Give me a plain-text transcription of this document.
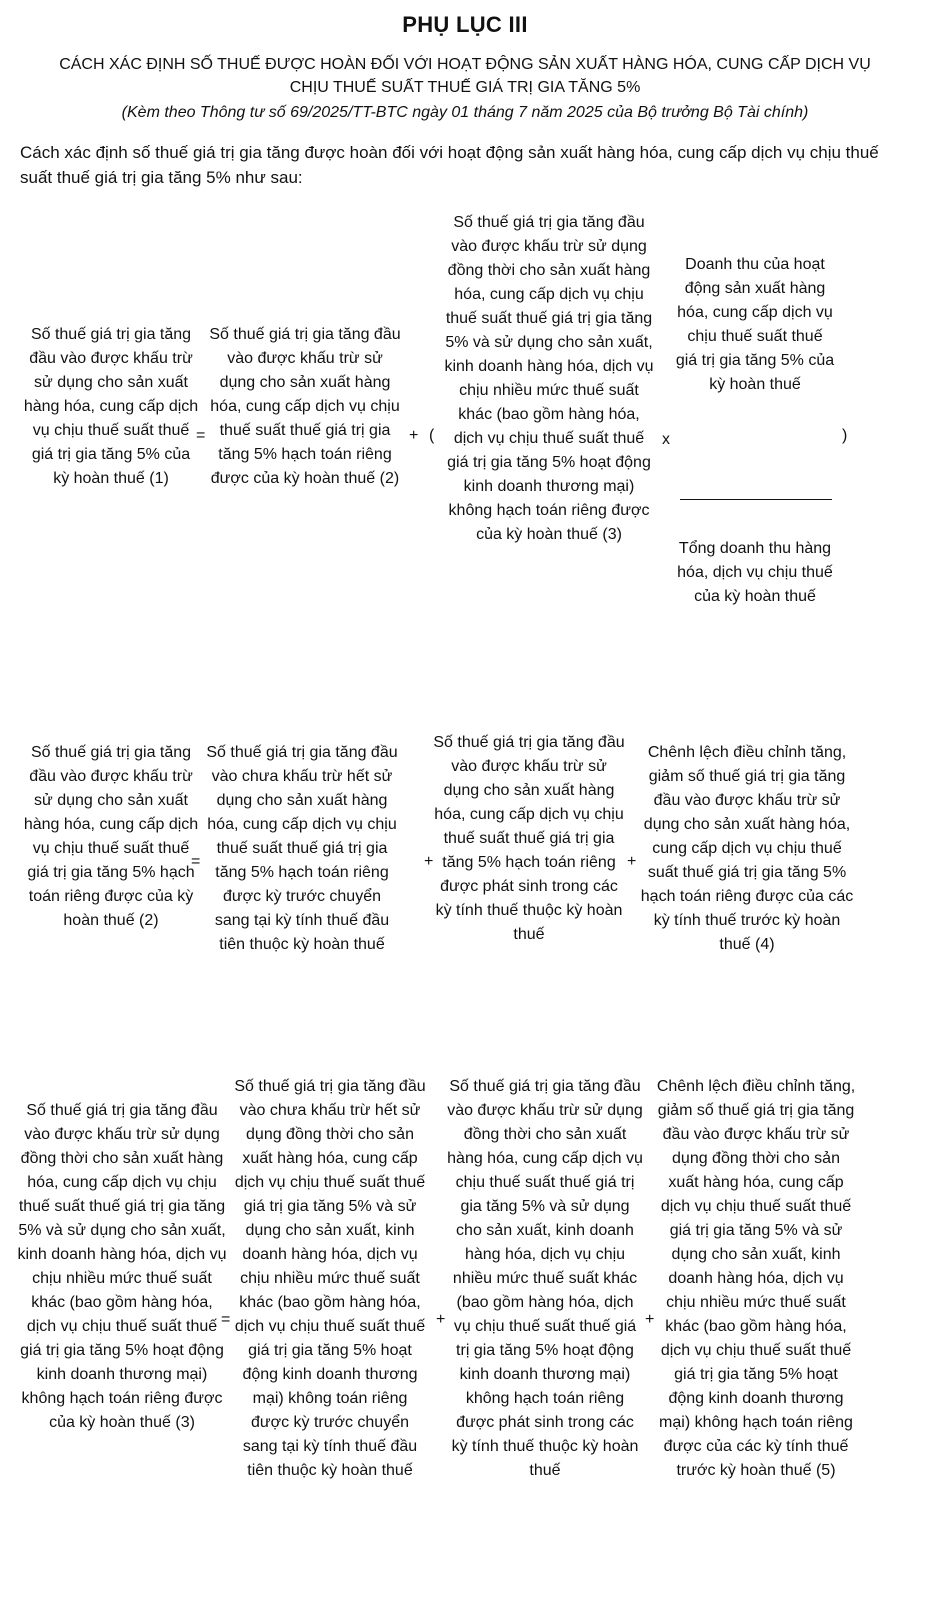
PHỤ LỤC III
CÁCH XÁC ĐỊNH SỐ THUẾ ĐƯỢC HOÀN ĐỐI VỚI HOẠT ĐỘNG SẢN XUẤT HÀNG HÓA, CUNG CẤP DỊCH VỤ CHỊU THUẾ SUẤT THUẾ GIÁ TRỊ GIA TĂNG 5%
(Kèm theo Thông tư số 69/2025/TT-BTC ngày 01 tháng 7 năm 2025 của Bộ trưởng Bộ Tài chính)
Cách xác định số thuế giá trị gia tăng được hoàn đối với hoạt động sản xuất hàng hóa, cung cấp dịch vụ chịu thuế suất thuế giá trị gia tăng 5% như sau:
Số thuế giá trị gia tăng đầu vào được khấu trừ sử dụng cho sản xuất hàng hóa, cung cấp dịch vụ chịu thuế suất thuế giá trị gia tăng 5% của kỳ hoàn thuế (1)
=
Số thuế giá trị gia tăng đầu vào được khấu trừ sử dụng cho sản xuất hàng hóa, cung cấp dịch vụ chịu thuế suất thuế giá trị gia tăng 5% hạch toán riêng được của kỳ hoàn thuế (2)
+ (
Số thuế giá trị gia tăng đầu vào được khấu trừ sử dụng đồng thời cho sản xuất hàng hóa, cung cấp dịch vụ chịu thuế suất thuế giá trị gia tăng 5% và sử dụng cho sản xuất, kinh doanh hàng hóa, dịch vụ chịu nhiều mức thuế suất khác (bao gồm hàng hóa, dịch vụ chịu thuế suất thuế giá trị gia tăng 5% hoạt động kinh doanh thương mại) không hạch toán riêng được của kỳ hoàn thuế (3)
x
Doanh thu của hoạt động sản xuất hàng hóa, cung cấp dịch vụ chịu thuế suất thuế giá trị gia tăng 5% của kỳ hoàn thuế
)
Tổng doanh thu hàng hóa, dịch vụ chịu thuế của kỳ hoàn thuế
Số thuế giá trị gia tăng đầu vào được khấu trừ sử dụng cho sản xuất hàng hóa, cung cấp dịch vụ chịu thuế suất thuế giá trị gia tăng 5% hạch toán riêng được của kỳ hoàn thuế (2)
=
Số thuế giá trị gia tăng đầu vào chưa khấu trừ hết sử dụng cho sản xuất hàng hóa, cung cấp dịch vụ chịu thuế suất thuế giá trị gia tăng 5% hạch toán riêng được kỳ trước chuyển sang tại kỳ tính thuế đầu tiên thuộc kỳ hoàn thuế
+
Số thuế giá trị gia tăng đầu vào được khấu trừ sử dụng cho sản xuất hàng hóa, cung cấp dịch vụ chịu thuế suất thuế giá trị gia tăng 5% hạch toán riêng được phát sinh trong các kỳ tính thuế thuộc kỳ hoàn thuế
+
Chênh lệch điều chỉnh tăng, giảm số thuế giá trị gia tăng đầu vào được khấu trừ sử dụng cho sản xuất hàng hóa, cung cấp dịch vụ chịu thuế suất thuế giá trị gia tăng 5% hạch toán riêng được của các kỳ tính thuế trước kỳ hoàn thuế (4)
Số thuế giá trị gia tăng đầu vào được khấu trừ sử dụng đồng thời cho sản xuất hàng hóa, cung cấp dịch vụ chịu thuế suất thuế giá trị gia tăng 5% và sử dụng cho sản xuất, kinh doanh hàng hóa, dịch vụ chịu nhiều mức thuế suất khác (bao gồm hàng hóa, dịch vụ chịu thuế suất thuế giá trị gia tăng 5% hoạt động kinh doanh thương mại) không hạch toán riêng được của kỳ hoàn thuế (3)
=
Số thuế giá trị gia tăng đầu vào chưa khấu trừ hết sử dụng đồng thời cho sản xuất hàng hóa, cung cấp dịch vụ chịu thuế suất thuế giá trị gia tăng 5% và sử dụng cho sản xuất, kinh doanh hàng hóa, dịch vụ chịu nhiều mức thuế suất khác (bao gồm hàng hóa, dịch vụ chịu thuế suất thuế giá trị gia tăng 5% hoạt động kinh doanh thương mại) không toán riêng được kỳ trước chuyển sang tại kỳ tính thuế đầu tiên thuộc kỳ hoàn thuế
+
Số thuế giá trị gia tăng đầu vào được khấu trừ sử dụng đồng thời cho sản xuất hàng hóa, cung cấp dịch vụ chịu thuế suất thuế giá trị gia tăng 5% và sử dụng cho sản xuất, kinh doanh hàng hóa, dịch vụ chịu nhiều mức thuế suất khác (bao gồm hàng hóa, dịch vụ chịu thuế suất thuế giá trị gia tăng 5% hoạt động kinh doanh thương mại) không hạch toán riêng được phát sinh trong các kỳ tính thuế thuộc kỳ hoàn thuế
+
Chênh lệch điều chỉnh tăng, giảm số thuế giá trị gia tăng đầu vào được khấu trừ sử dụng đồng thời cho sản xuất hàng hóa, cung cấp dịch vụ chịu thuế suất thuế giá trị gia tăng 5% và sử dụng cho sản xuất, kinh doanh hàng hóa, dịch vụ chịu nhiều mức thuế suất khác (bao gồm hàng hóa, dịch vụ chịu thuế suất thuế giá trị gia tăng 5% hoạt động kinh doanh thương mại) không hạch toán riêng được của các kỳ tính thuế trước kỳ hoàn thuế (5)
